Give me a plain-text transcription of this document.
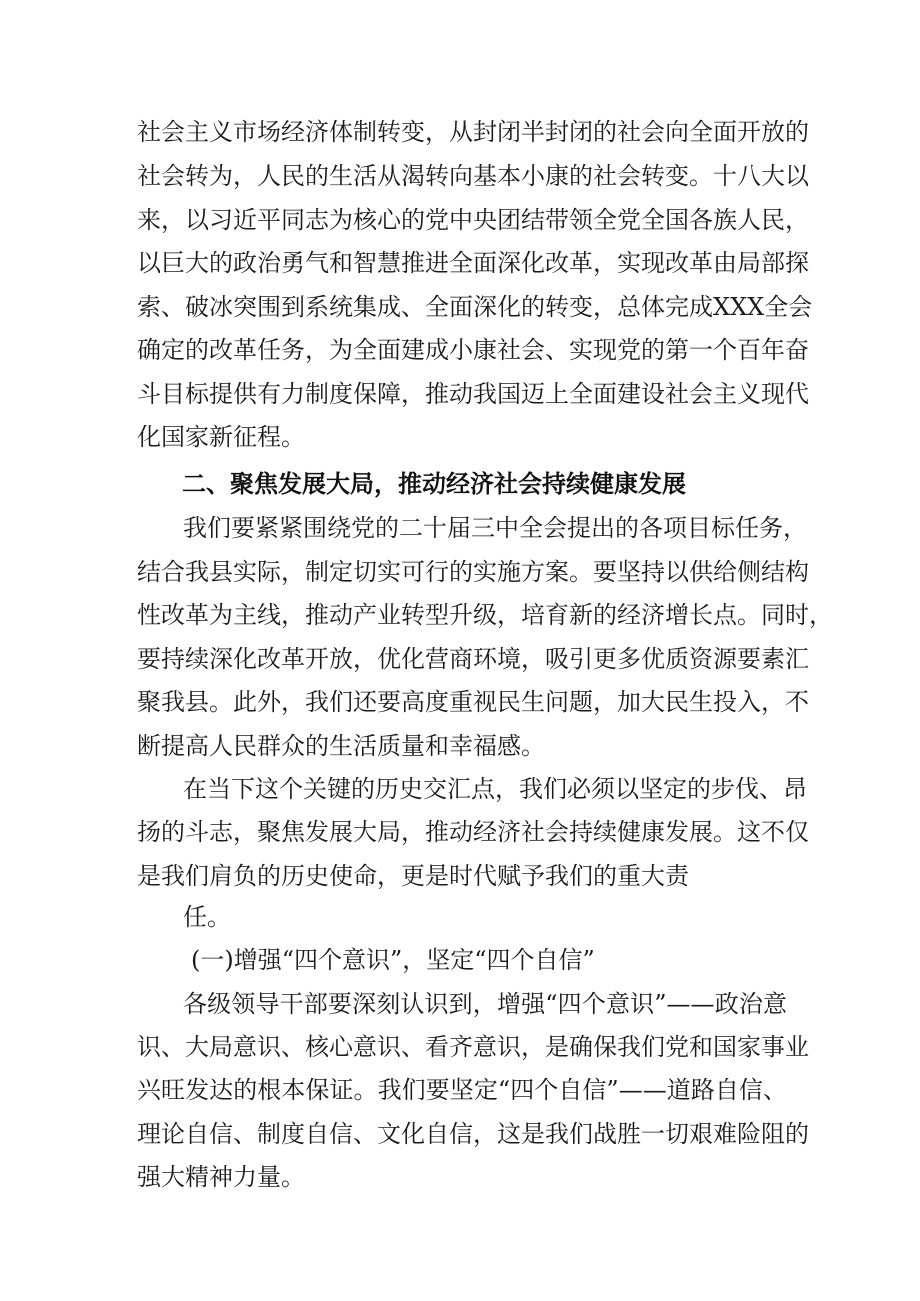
社会主义市场经济体制转变，从封闭半封闭的社会向全面开放的
社会转为，人民的生活从渴转向基本小康的社会转变。十八大以
来，以习近平同志为核心的党中央团结带领全党全国各族人民，
以巨大的政治勇气和智慧推进全面深化改革，实现改革由局部探
索、破冰突围到系统集成、全面深化的转变，总体完成XXX全会
确定的改革任务，为全面建成小康社会、实现党的第一个百年奋
斗目标提供有力制度保障，推动我国迈上全面建设社会主义现代
化国家新征程。
二、聚焦发展大局，推动经济社会持续健康发展
我们要紧紧围绕党的二十届三中全会提出的各项目标任务，
结合我县实际，制定切实可行的实施方案。要坚持以供给侧结构
性改革为主线，推动产业转型升级，培育新的经济增长点。同时，
要持续深化改革开放，优化营商环境，吸引更多优质资源要素汇
聚我县。此外，我们还要高度重视民生问题，加大民生投入，不
断提高人民群众的生活质量和幸福感。
在当下这个关键的历史交汇点，我们必须以坚定的步伐、昂
扬的斗志，聚焦发展大局，推动经济社会持续健康发展。这不仅
是我们肩负的历史使命，更是时代赋予我们的重大责
任。
(一)增强“四个意识”，坚定“四个自信”
各级领导干部要深刻认识到，增强“四个意识”——政治意
识、大局意识、核心意识、看齐意识，是确保我们党和国家事业
兴旺发达的根本保证。我们要坚定“四个自信”——道路自信、
理论自信、制度自信、文化自信，这是我们战胜一切艰难险阻的
强大精神力量。
